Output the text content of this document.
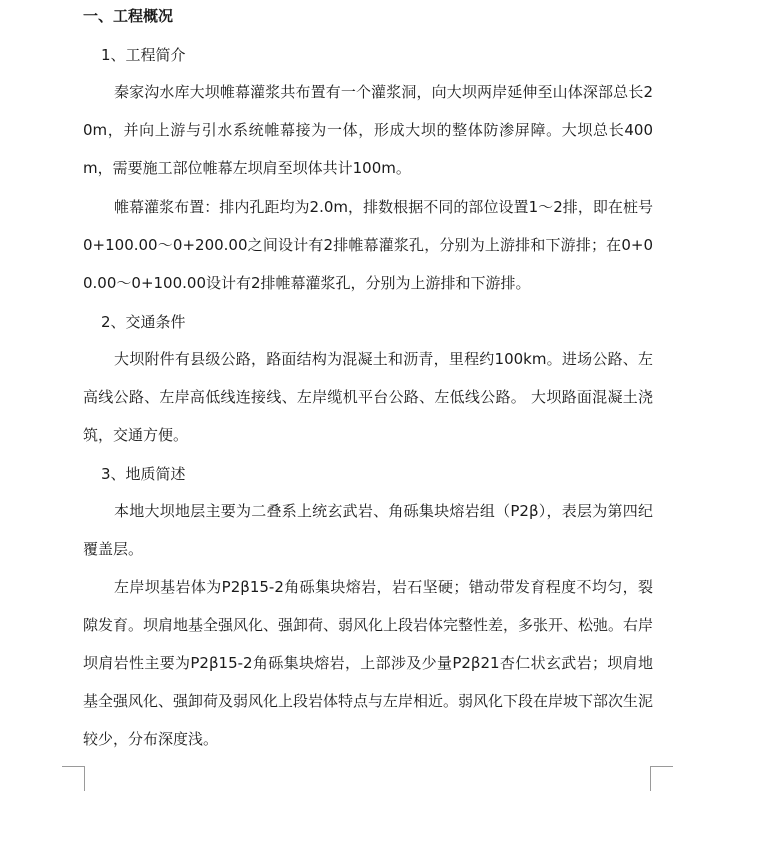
一、工程概况
1、工程简介

秦家沟水库大坝帷幕灌浆共布置有一个灌浆洞，向大坝两岸延伸至山体深部总长20m，并向上游与引水系统帷幕接为一体，形成大坝的整体防渗屏障。大坝总长400m，需要施工部位帷幕左坝肩至坝体共计100m。

帷幕灌浆布置：排内孔距均为2.0m，排数根据不同的部位设置1～2排，即在桩号0+100.00～0+200.00之间设计有2排帷幕灌浆孔，分别为上游排和下游排；在0+00.00～0+100.00设计有2排帷幕灌浆孔，分别为上游排和下游排。

2、交通条件

大坝附件有县级公路，路面结构为混凝土和沥青，里程约100km。进场公路、左高线公路、左岸高低线连接线、左岸缆机平台公路、左低线公路。 大坝路面混凝土浇筑，交通方便。

3、地质简述

本地大坝地层主要为二叠系上统玄武岩、角砾集块熔岩组（P2β），表层为第四纪覆盖层。

左岸坝基岩体为P2β15-2角砾集块熔岩，岩石坚硬；错动带发育程度不均匀，裂隙发育。坝肩地基全强风化、强卸荷、弱风化上段岩体完整性差，多张开、松弛。右岸坝肩岩性主要为P2β15-2角砾集块熔岩，上部涉及少量P2β21杏仁状玄武岩；坝肩地基全强风化、强卸荷及弱风化上段岩体特点与左岸相近。弱风化下段在岸坡下部次生泥较少，分布深度浅。
